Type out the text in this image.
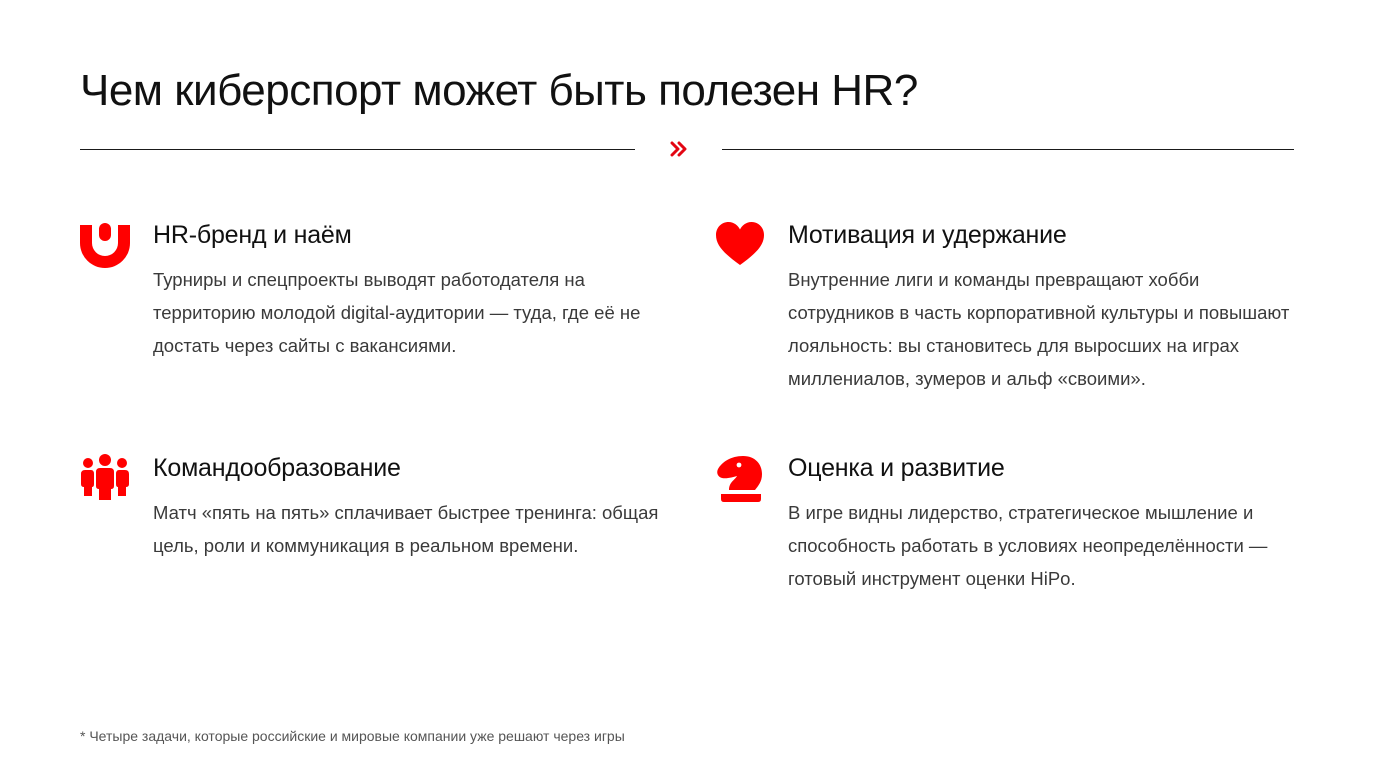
Чем киберспорт может быть полезен HR?
HR-бренд и наём

Турниры и спецпроекты выводят работодателя на территорию молодой digital-аудитории — туда, где её не достать через сайты с вакансиями.

Мотивация и удержание

Внутренние лиги и команды превращают хобби сотрудников в часть корпоративной культуры и повышают лояльность: вы становитесь для выросших на играх миллениалов, зумеров и альф «своими».

Командообразование

Матч «пять на пять» сплачивает быстрее тренинга: общая цель, роли и коммуникация в реальном времени.

Оценка и развитие

В игре видны лидерство, стратегическое мышление и способность работать в условиях неопределённости — готовый инструмент оценки HiPo.

* Четыре задачи, которые российские и мировые компании уже решают через игры
